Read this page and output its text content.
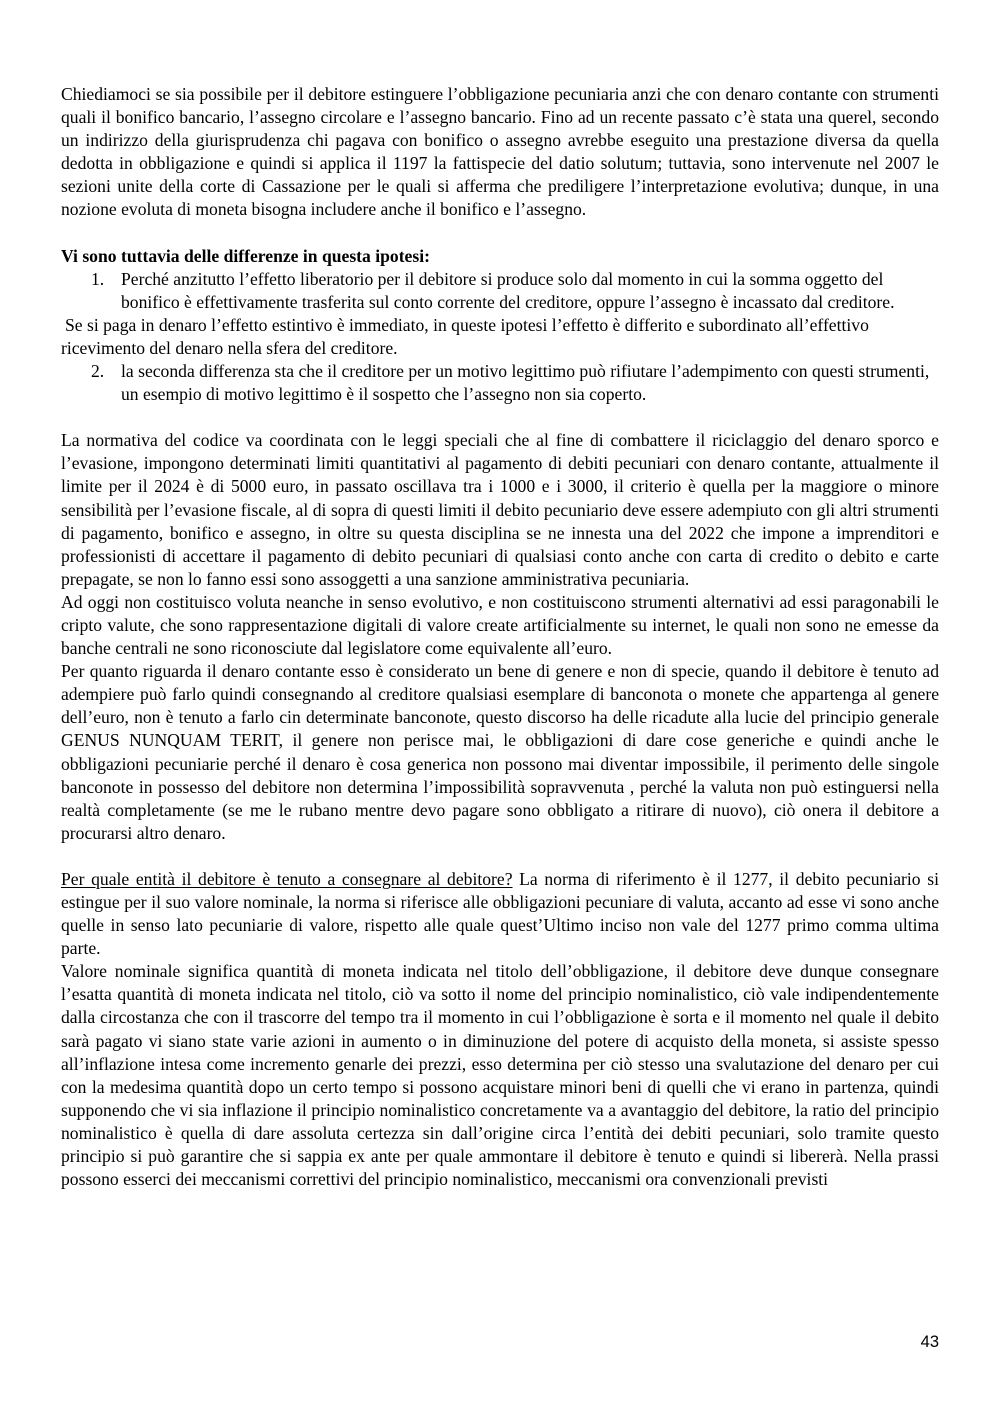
Chiediamoci se sia possibile per il debitore estinguere l’obbligazione pecuniaria anzi che con denaro contante con strumenti quali il bonifico bancario, l’assegno circolare e l’assegno bancario. Fino ad un recente passato c’è stata una querel, secondo un indirizzo della giurisprudenza chi pagava con bonifico o assegno avrebbe eseguito una prestazione diversa da quella dedotta in obbligazione e quindi si applica il 1197 la fattispecie del datio solutum; tuttavia, sono intervenute nel 2007 le sezioni unite della corte di Cassazione per le quali si afferma che prediligere l’interpretazione evolutiva; dunque, in una nozione evoluta di moneta bisogna includere anche il bonifico e l’assegno.

Vi sono tuttavia delle differenze in questa ipotesi:

1. Perché anzitutto l’effetto liberatorio per il debitore si produce solo dal momento in cui la somma oggetto del bonifico è effettivamente trasferita sul conto corrente del creditore, oppure l’assegno è incassato dal creditore.

Se si paga in denaro l’effetto estintivo è immediato, in queste ipotesi l’effetto è differito e subordinato all’effettivo ricevimento del denaro nella sfera del creditore.

2. la seconda differenza sta che il creditore per un motivo legittimo può rifiutare l’adempimento con questi strumenti, un esempio di motivo legittimo è il sospetto che l’assegno non sia coperto.

La normativa del codice va coordinata con le leggi speciali che al fine di combattere il riciclaggio del denaro sporco e l’evasione, impongono determinati limiti quantitativi al pagamento di debiti pecuniari con denaro contante, attualmente il limite per il 2024 è di 5000 euro, in passato oscillava tra i 1000 e i 3000, il criterio è quella per la maggiore o minore sensibilità per l’evasione fiscale, al di sopra di questi limiti il debito pecuniario deve essere adempiuto con gli altri strumenti di pagamento, bonifico e assegno, in oltre su questa disciplina se ne innesta una del 2022 che impone a imprenditori e professionisti di accettare il pagamento di debito pecuniari di qualsiasi conto anche con carta di credito o debito e carte prepagate, se non lo fanno essi sono assoggetti a una sanzione amministrativa pecuniaria.

Ad oggi non costituisco voluta neanche in senso evolutivo, e non costituiscono strumenti alternativi ad essi paragonabili le cripto valute, che sono rappresentazione digitali di valore create artificialmente su internet, le quali non sono ne emesse da banche centrali ne sono riconosciute dal legislatore come equivalente all’euro.

Per quanto riguarda il denaro contante esso è considerato un bene di genere e non di specie, quando il debitore è tenuto ad adempiere può farlo quindi consegnando al creditore qualsiasi esemplare di banconota o monete che appartenga al genere dell’euro, non è tenuto a farlo cin determinate banconote, questo discorso ha delle ricadute alla lucie del principio generale GENUS NUNQUAM TERIT, il genere non perisce mai, le obbligazioni di dare cose generiche e quindi anche le obbligazioni pecuniarie perché il denaro è cosa generica non possono mai diventar impossibile, il perimento delle singole banconote in possesso del debitore non determina l’impossibilità sopravvenuta , perché la valuta non può estinguersi nella realtà completamente (se me le rubano mentre devo pagare sono obbligato a ritirare di nuovo), ciò onera il debitore a procurarsi altro denaro.

Per quale entità il debitore è tenuto a consegnare al debitore? La norma di riferimento è il 1277, il debito pecuniario si estingue per il suo valore nominale, la norma si riferisce alle obbligazioni pecuniare di valuta, accanto ad esse vi sono anche quelle in senso lato pecuniarie di valore, rispetto alle quale quest’Ultimo inciso non vale del 1277 primo comma ultima parte.

Valore nominale significa quantità di moneta indicata nel titolo dell’obbligazione, il debitore deve dunque consegnare l’esatta quantità di moneta indicata nel titolo, ciò va sotto il nome del principio nominalistico, ciò vale indipendentemente dalla circostanza che con il trascorre del tempo tra il momento in cui l’obbligazione è sorta e il momento nel quale il debito sarà pagato vi siano state varie azioni in aumento o in diminuzione del potere di acquisto della moneta, si assiste spesso all’inflazione intesa come incremento genarle dei prezzi, esso determina per ciò stesso una svalutazione del denaro per cui con la medesima quantità dopo un certo tempo si possono acquistare minori beni di quelli che vi erano in partenza, quindi supponendo che vi sia inflazione il principio nominalistico concretamente va a avantaggio del debitore, la ratio del principio nominalistico è quella di dare assoluta certezza sin dall’origine circa l’entità dei debiti pecuniari, solo tramite questo principio si può garantire che si sappia ex ante per quale ammontare il debitore è tenuto e quindi si libererà. Nella prassi possono esserci dei meccanismi correttivi del principio nominalistico, meccanismi ora convenzionali previsti

43
